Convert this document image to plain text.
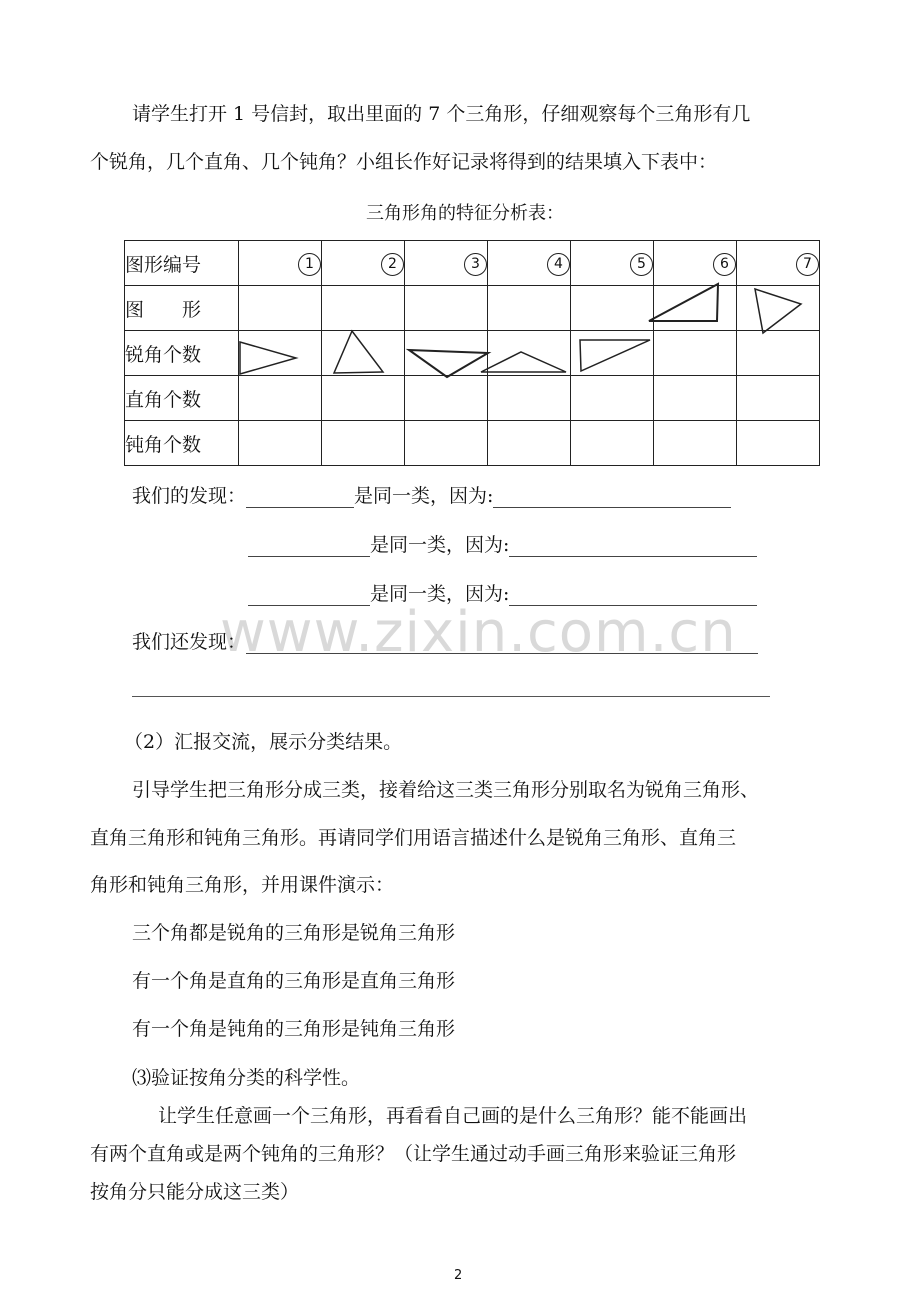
请学生打开 1 号信封，取出里面的 7 个三角形，仔细观察每个三角形有几
个锐角，几个直角、几个钝角？小组长作好记录将得到的结果填入下表中：
三角形角的特征分析表：
图形编号	1	2	3	4	5	6	7
图　　形							
锐角个数							
直角个数							
钝角个数							
我们的发现：	是同一类，因为:
是同一类，因为:
是同一类，因为:
www.zixin.com.cn
我们还发现：
（2）汇报交流，展示分类结果。
引导学生把三角形分成三类，接着给这三类三角形分别取名为锐角三角形、
直角三角形和钝角三角形。再请同学们用语言描述什么是锐角三角形、直角三
角形和钝角三角形，并用课件演示：
三个角都是锐角的三角形是锐角三角形
有一个角是直角的三角形是直角三角形
有一个角是钝角的三角形是钝角三角形
⑶验证按角分类的科学性。
让学生任意画一个三角形，再看看自己画的是什么三角形？能不能画出
有两个直角或是两个钝角的三角形？（让学生通过动手画三角形来验证三角形
按角分只能分成这三类）
2
